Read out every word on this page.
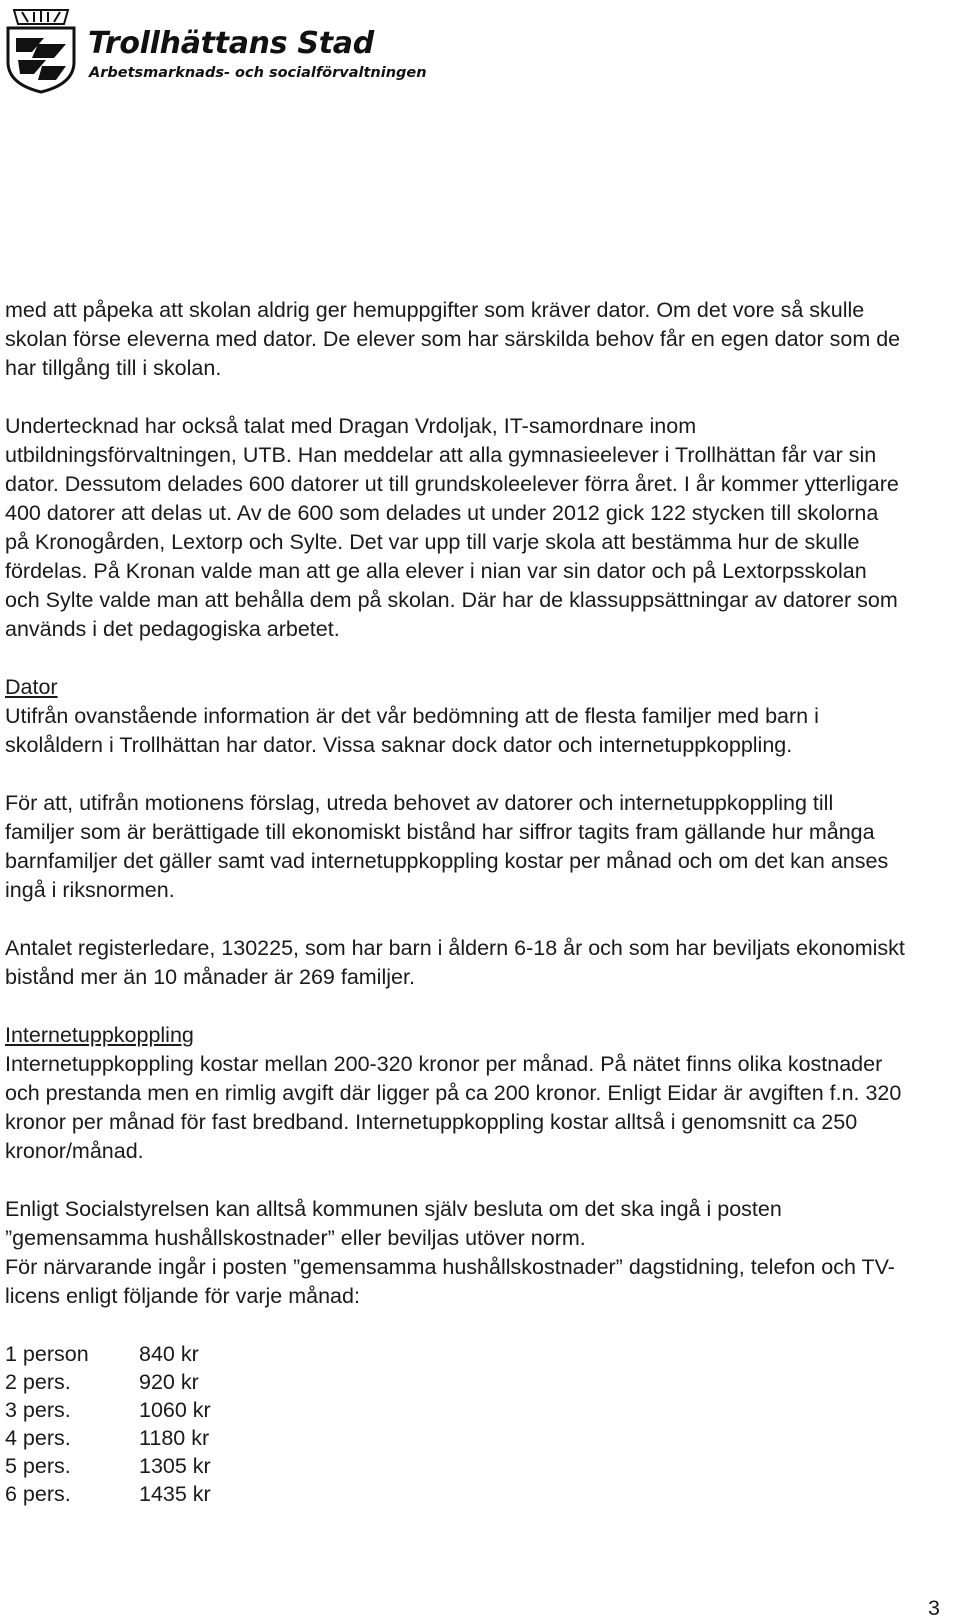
Trollhättans Stad
Arbetsmarknads- och socialförvaltningen

med att påpeka att skolan aldrig ger hemuppgifter som kräver dator. Om det vore så skulle skolan förse eleverna med dator. De elever som har särskilda behov får en egen dator som de har tillgång till i skolan.

Undertecknad har också talat med Dragan Vrdoljak, IT-samordnare inom utbildningsförvaltningen, UTB. Han meddelar att alla gymnasieelever i Trollhättan får var sin dator. Dessutom delades 600 datorer ut till grundskoleelever förra året. I år kommer ytterligare 400 datorer att delas ut. Av de 600 som delades ut under 2012 gick 122 stycken till skolorna på Kronogården, Lextorp och Sylte. Det var upp till varje skola att bestämma hur de skulle fördelas. På Kronan valde man att ge alla elever i nian var sin dator och på Lextorpsskolan och Sylte valde man att behålla dem på skolan. Där har de klassuppsättningar av datorer som används i det pedagogiska arbetet.

Dator

Utifrån ovanstående information är det vår bedömning att de flesta familjer med barn i skolåldern i Trollhättan har dator. Vissa saknar dock dator och internetuppkoppling.

För att, utifrån motionens förslag, utreda behovet av datorer och internetuppkoppling till familjer som är berättigade till ekonomiskt bistånd har siffror tagits fram gällande hur många barnfamiljer det gäller samt vad internetuppkoppling kostar per månad och om det kan anses ingå i riksnormen.

Antalet registerledare, 130225, som har barn i åldern 6-18 år och som har beviljats ekonomiskt bistånd mer än 10 månader är 269 familjer.

Internetuppkoppling

Internetuppkoppling kostar mellan 200-320 kronor per månad. På nätet finns olika kostnader och prestanda men en rimlig avgift där ligger på ca 200 kronor. Enligt Eidar är avgiften f.n. 320 kronor per månad för fast bredband. Internetuppkoppling kostar alltså i genomsnitt ca 250 kronor/månad.

Enligt Socialstyrelsen kan alltså kommunen själv besluta om det ska ingå i posten ”gemensamma hushållskostnader” eller beviljas utöver norm.

För närvarande ingår i posten ”gemensamma hushållskostnader” dagstidning, telefon och TV-licens enligt följande för varje månad:

1 person	840 kr
2 pers.	920 kr
3 pers.	1060 kr
4 pers.	1180 kr
5 pers.	1305 kr
6 pers.	1435 kr
3
